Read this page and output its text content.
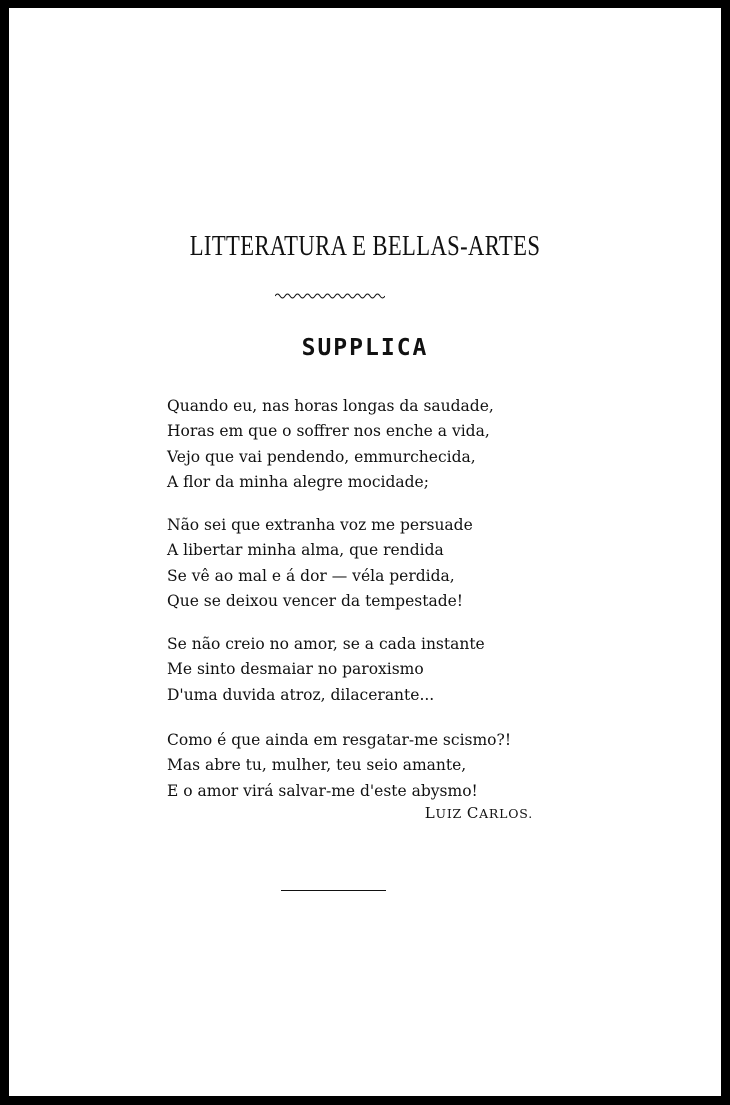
LITTERATURA E BELLAS-ARTES
SUPPLICA
Quando eu, nas horas longas da saudade,
Horas em que o soffrer nos enche a vida,
Vejo que vai pendendo, emmurchecida,
A flor da minha alegre mocidade;
Não sei que extranha voz me persuade
A libertar minha alma, que rendida
Se vê ao mal e á dor — véla perdida,
Que se deixou vencer da tempestade!
Se não creio no amor, se a cada instante
Me sinto desmaiar no paroxismo
D'uma duvida atroz, dilacerante...
Como é que ainda em resgatar-me scismo?!
Mas abre tu, mulher, teu seio amante,
E o amor virá salvar-me d'este abysmo!
LUIZ CARLOS.
